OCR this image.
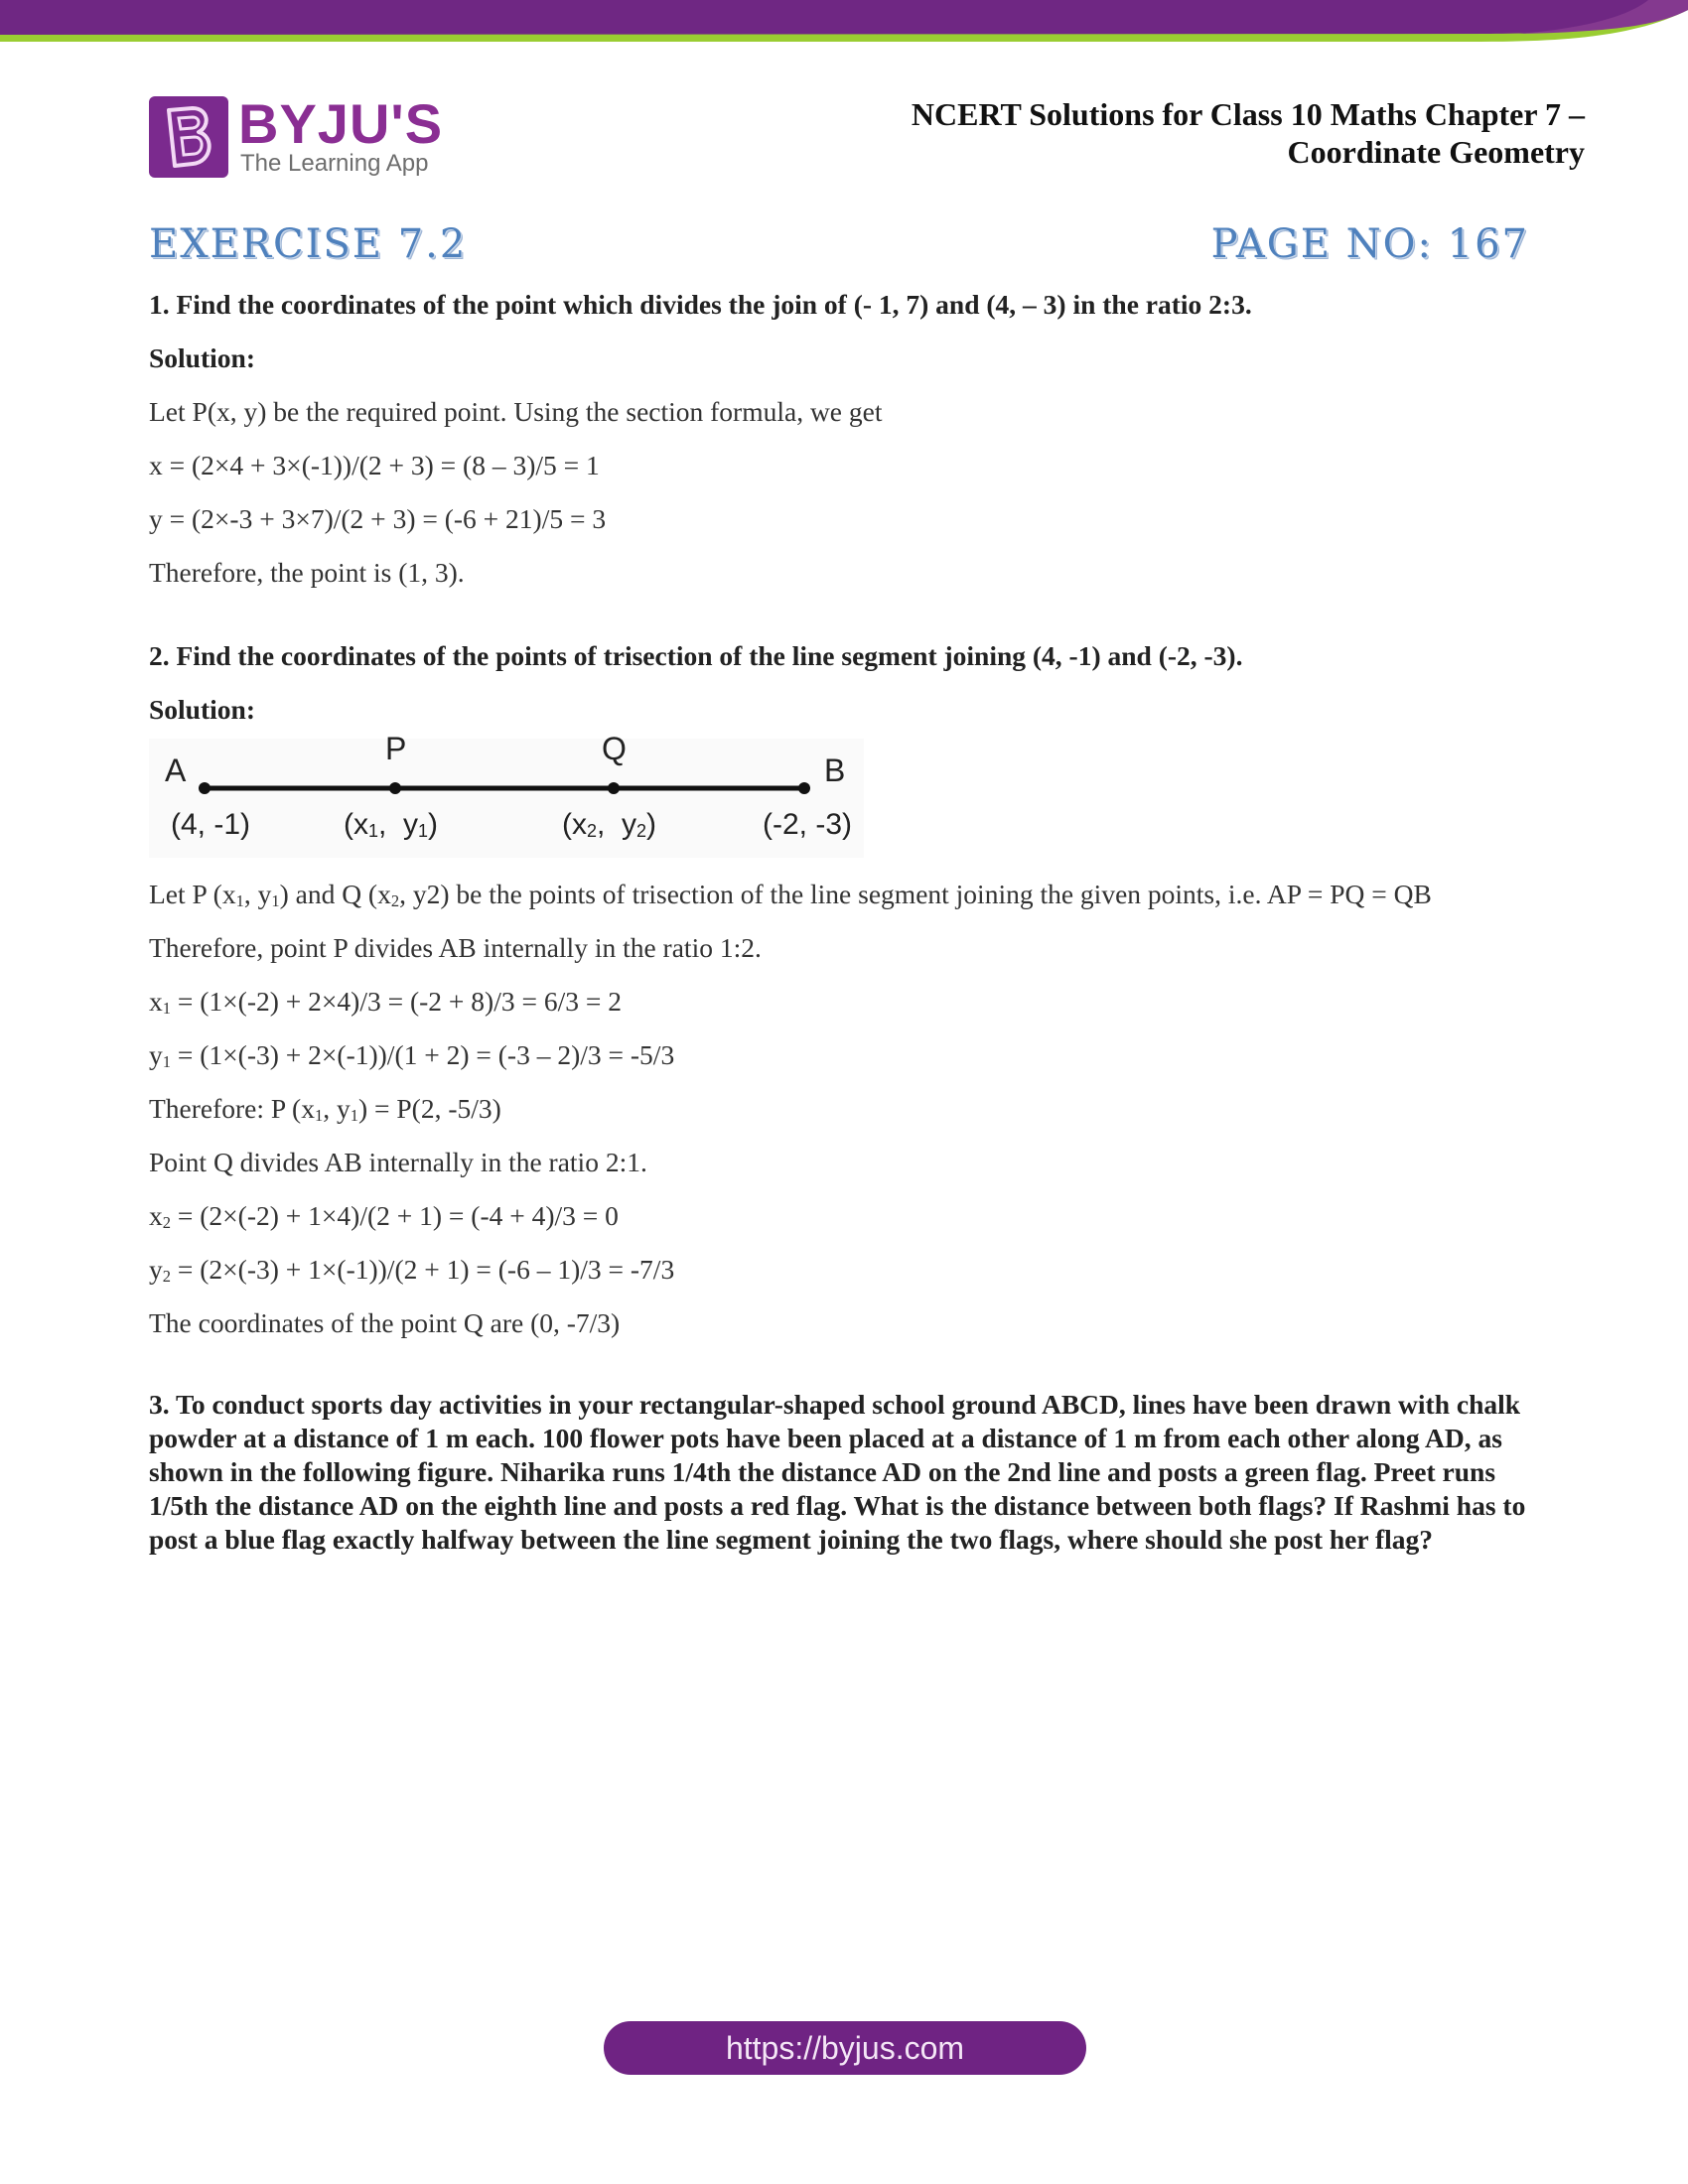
BYJU'S
The Learning App
NCERT Solutions for Class 10 Maths Chapter 7 –
Coordinate Geometry
EXERCISE 7.2	PAGE NO: 167

1. Find the coordinates of the point which divides the join of (- 1, 7) and (4, – 3) in the ratio 2:3.

Solution:

Let P(x, y) be the required point. Using the section formula, we get

x = (2×4 + 3×(-1))/(2 + 3) = (8 – 3)/5 = 1

y = (2×-3 + 3×7)/(2 + 3) = (-6 + 21)/5 = 3

Therefore, the point is (1, 3).

2. Find the coordinates of the points of trisection of the line segment joining (4, -1) and (-2, -3).

Solution:

A
P	Q
B
(4, -1)	($x_1$,  $y_1$)	($x_2$,  $y_2$)	(-2, -3)

Let P ($x_1$, $y_1$) and Q ($x_2$, y2) be the points of trisection of the line segment joining the given points, i.e. AP = PQ = QB

Therefore, point P divides AB internally in the ratio 1:2.

$x_1 = (1\times(-2) + 2\times 4)/3 = (-2 + 8)/3 = 6/3 = 2$

$y_1 = (1\times(-3) + 2\times(-1))/(1 + 2) = (-3 - 2)/3 = -5/3$

Therefore: P ($x_1$, $y_1) = P(2$, -5/3)

Point Q divides AB internally in the ratio 2:1.

$x_2 = (2\times(-2) + 1\times 4)/(2 + 1) = (-4 + 4)/3 = 0$

$y_2 = (2\times(-3) + 1\times(-1))/(2 + 1) = (-6 - 1)/3 = -7/3$

The coordinates of the point Q are (0, -7/3)

3. To conduct sports day activities in your rectangular-shaped school ground ABCD, lines have been drawn with chalk powder at a distance of 1 m each. 100 flower pots have been placed at a distance of 1 m from each other along AD, as shown in the following figure. Niharika runs 1/4th the distance AD on the 2nd line and posts a green flag. Preet runs 1/5th the distance AD on the eighth line and posts a red flag. What is the distance between both flags? If Rashmi has to post a blue flag exactly halfway between the line segment joining the two flags, where should she post her flag?

https://byjus.com
